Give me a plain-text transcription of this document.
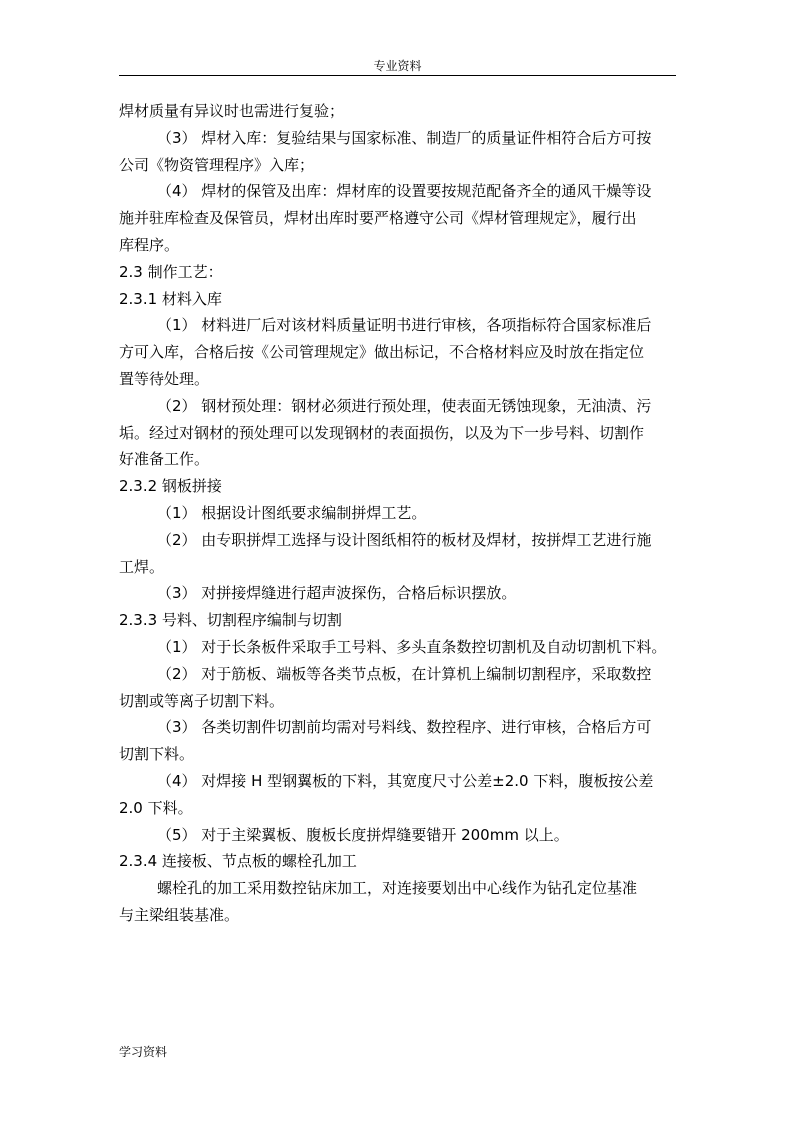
专业资料
焊材质量有异议时也需进行复验；
（3） 焊材入库：复验结果与国家标准、制造厂的质量证件相符合后方可按
公司《物资管理程序》入库；
（4） 焊材的保管及出库：焊材库的设置要按规范配备齐全的通风干燥等设
施并驻库检查及保管员，焊材出库时要严格遵守公司《焊材管理规定》，履行出
库程序。
2.3 制作工艺：
2.3.1 材料入库
（1） 材料进厂后对该材料质量证明书进行审核，各项指标符合国家标准后
方可入库，合格后按《公司管理规定》做出标记，不合格材料应及时放在指定位
置等待处理。
（2） 钢材预处理：钢材必须进行预处理，使表面无锈蚀现象，无油渍、污
垢。经过对钢材的预处理可以发现钢材的表面损伤，以及为下一步号料、切割作
好准备工作。
2.3.2 钢板拼接
（1） 根据设计图纸要求编制拼焊工艺。
（2） 由专职拼焊工选择与设计图纸相符的板材及焊材，按拼焊工艺进行施
工焊。
（3） 对拼接焊缝进行超声波探伤，合格后标识摆放。
2.3.3 号料、切割程序编制与切割
（1） 对于长条板件采取手工号料、多头直条数控切割机及自动切割机下料。
（2） 对于筋板、端板等各类节点板，在计算机上编制切割程序，采取数控
切割或等离子切割下料。
（3） 各类切割件切割前均需对号料线、数控程序、进行审核，合格后方可
切割下料。
（4） 对焊接 H 型钢翼板的下料，其宽度尺寸公差±2.0 下料，腹板按公差
2.0 下料。
（5） 对于主梁翼板、腹板长度拼焊缝要错开 200mm 以上。
2.3.4 连接板、节点板的螺栓孔加工
螺栓孔的加工采用数控钻床加工，对连接要划出中心线作为钻孔定位基准
与主梁组装基准。
学习资料
